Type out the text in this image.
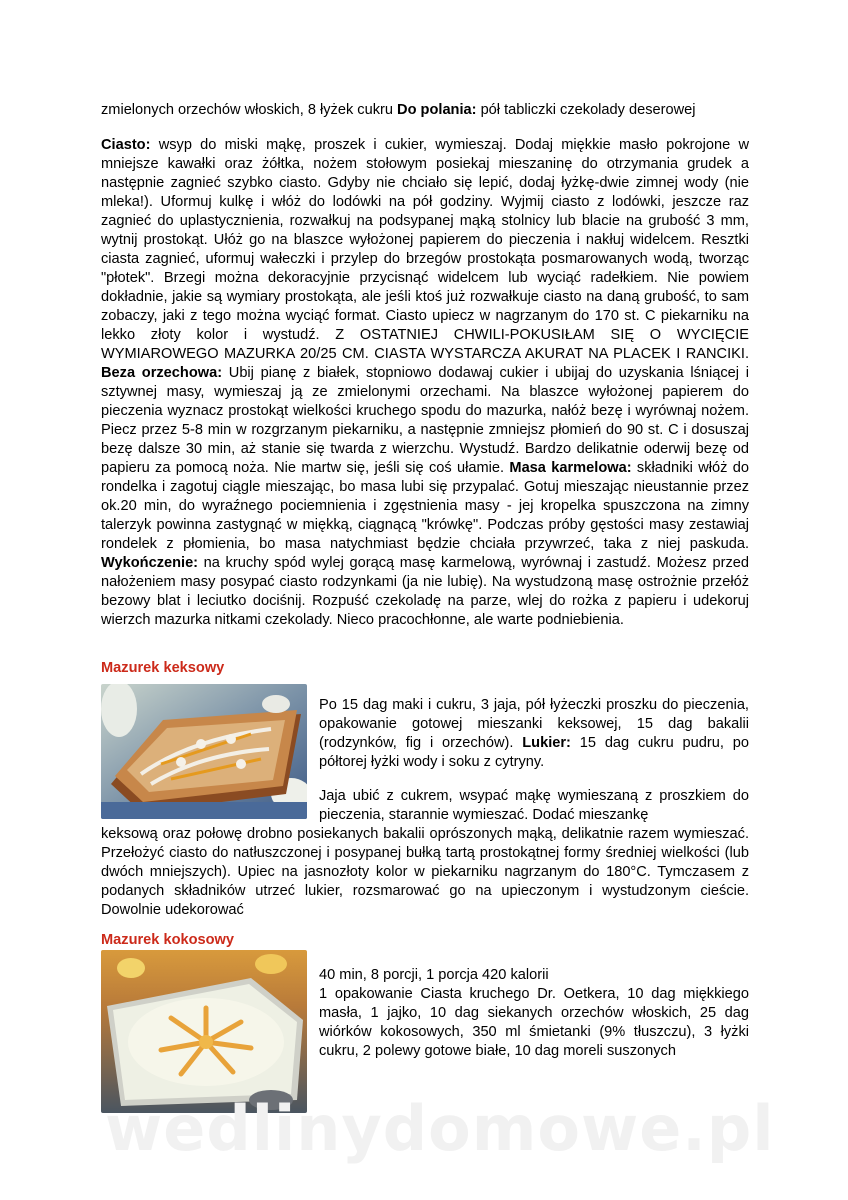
zmielonych orzechów włoskich, 8 łyżek cukru Do polania: pół tabliczki czekolady deserowej

Ciasto: wsyp do miski mąkę, proszek i cukier, wymieszaj. Dodaj miękkie masło pokrojone w mniejsze kawałki oraz żółtka, nożem stołowym posiekaj mieszaninę do otrzymania grudek a następnie zagnieć szybko ciasto. Gdyby nie chciało się lepić, dodaj łyżkę-dwie zimnej wody (nie mleka!). Uformuj kulkę i włóż do lodówki na pół godziny. Wyjmij ciasto z lodówki, jeszcze raz zagnieć do uplastycznienia, rozwałkuj na podsypanej mąką stolnicy lub blacie na grubość 3 mm, wytnij prostokąt. Ułóż go na blaszce wyłożonej papierem do pieczenia i nakłuj widelcem. Resztki ciasta zagnieć, uformuj wałeczki i przylep do brzegów prostokąta posmarowanych wodą, tworząc "płotek". Brzegi można dekoracyjnie przycisnąć widelcem lub wyciąć radełkiem. Nie powiem dokładnie, jakie są wymiary prostokąta, ale jeśli ktoś już rozwałkuje ciasto na daną grubość, to sam zobaczy, jaki z tego można wyciąć format. Ciasto upiecz w nagrzanym do 170 st. C piekarniku na lekko złoty kolor i wystudź. Z OSTATNIEJ CHWILI-POKUSIŁAM SIĘ O WYCIĘCIE WYMIAROWEGO MAZURKA 20/25 CM. CIASTA WYSTARCZA AKURAT NA PLACEK I RANCIKI. Beza orzechowa: Ubij pianę z białek, stopniowo dodawaj cukier i ubijaj do uzyskania lśniącej i sztywnej masy, wymieszaj ją ze zmielonymi orzechami. Na blaszce wyłożonej papierem do pieczenia wyznacz prostokąt wielkości kruchego spodu do mazurka, nałóż bezę i wyrównaj nożem. Piecz przez 5-8 min w rozgrzanym piekarniku, a następnie zmniejsz płomień do 90 st. C i dosuszaj bezę dalsze 30 min, aż stanie się twarda z wierzchu. Wystudź. Bardzo delikatnie oderwij bezę od papieru za pomocą noża. Nie martw się, jeśli się coś ułamie. Masa karmelowa: składniki włóż do rondelka i zagotuj ciągle mieszając, bo masa lubi się przypalać. Gotuj mieszając nieustannie przez ok.20 min, do wyraźnego pociemnienia i zgęstnienia masy - jej kropelka spuszczona na zimny talerzyk powinna zastygnąć w miękką, ciągnącą "krówkę". Podczas próby gęstości masy zestawiaj rondelek z płomienia, bo masa natychmiast będzie chciała przywrzeć, taka z niej paskuda. Wykończenie: na kruchy spód wylej gorącą masę karmelową, wyrównaj i zastudź. Możesz przed nałożeniem masy posypać ciasto rodzynkami (ja nie lubię). Na wystudzoną masę ostrożnie przełóż bezowy blat i leciutko dociśnij. Rozpuść czekoladę na parze, wlej do rożka z papieru i udekoruj wierzch mazurka nitkami czekolady. Nieco pracochłonne, ale warte podniebienia.

Mazurek keksowy

Po 15 dag maki i cukru, 3 jaja, pół łyżeczki proszku do pieczenia, opakowanie gotowej mieszanki keksowej, 15 dag bakalii (rodzynków, fig i orzechów). Lukier: 15 dag cukru pudru, po półtorej łyżki wody i soku z cytryny.

Jaja ubić z cukrem, wsypać mąkę wymieszaną z proszkiem do pieczenia, starannie wymieszać. Dodać mieszankę

keksową oraz połowę drobno posiekanych bakalii oprószonych mąką, delikatnie razem wymieszać. Przełożyć ciasto do natłuszczonej i posypanej bułką tartą prostokątnej formy średniej wielkości (lub dwóch mniejszych). Upiec na jasnozłoty kolor w piekarniku nagrzanym do 180°C. Tymczasem z podanych składników utrzeć lukier, rozsmarować go na upieczonym i wystudzonym cieście. Dowolnie udekorować

Mazurek kokosowy

40 min, 8 porcji, 1 porcja 420 kalorii

1 opakowanie Ciasta kruchego Dr. Oetkera, 10 dag miękkiego masła, 1 jajko, 10 dag siekanych orzechów włoskich, 25 dag wiórków kokosowych, 350 ml śmietanki (9% tłuszczu), 3 łyżki cukru, 2 polewy gotowe białe, 10 dag moreli suszonych

wedlinydomowe.pl
